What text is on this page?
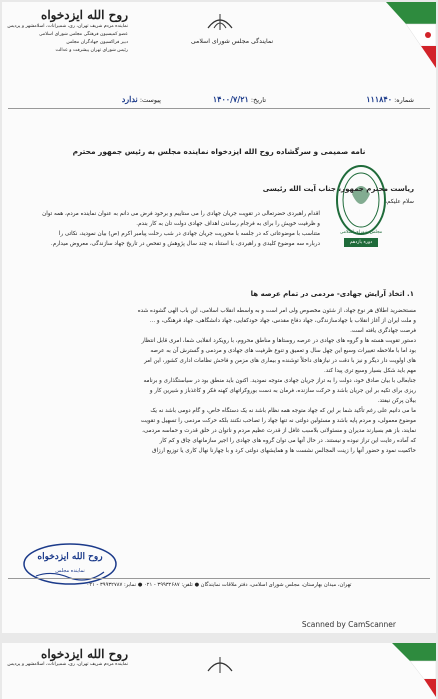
روح الله ایزدخواه
نماینده مردم شریف تهران، ری، شمیرانات، اسلامشهر و پردیس
عضو کمیسیون فرهنگی مجلس شورای اسلامی
دبیر فراکسیون جهادگران مجلس
رئیس شورای تهران پیشرفت و عدالت
نمایندگی مجلس شورای اسلامی
شماره: ۱۱۱۸۴۰
تاریخ: ۱۴۰۰/۷/۲۱
پیوست: ندارد
نامه صمیمی و سرگشاده روح الله ایزدخواه نماینده مجلس به رئیس جمهور محترم
مجلس شورای اسلامی
دوره یازدهم
ریاست محترم جمهور، جناب آیت الله رئیسی
سلام علیکم،
اقدام راهبردی حضرتعالی در تقویت جریان جهادی را می ستاییم و برخود فرض می دانم به عنوان نماینده مردم، همه توان
و ظرفیت خویش را برای به فرجام رساندن اهداف جهادی دولت تان به کار بندم.
متناسب با موضوعاتی که در جلسه با محوریت جریان جهادی در شب رحلت پیامبر اکرم (ص) بیان نمودید، نکاتی را
درباره سه موضوع کلیدی و راهبردی، با استناد به چند سال پژوهش و تفحص در تاریخ جهاد سازندگی، معروض میدارم.
۱. اتخاذ آرایش جهادی- مردمی در تمام عرصه ها
مستحضرید اطلاق هر نوع جهاد، از شئون مخصوص ولی امر است و به واسطه انقلاب اسلامی، این باب الهی گشوده شده
و ملت ایران از آغاز انقلاب با جهادسازندگی، جهاد دفاع مقدس، جهاد خودکفایی، جهاد دانشگاهی، جهاد فرهنگی، و ...
فرصت جهادگری یافته است.
دستور تقویت هسته ها و گروه های جهادی در عرصه روستاها و مناطق محروم، با رویکرد انقلابی شما، امری قابل انتظار
بود اما با ملاحظه تغییرات وسیع این چهل سال و تعمیق و تنوع ظرفیت های جهادی و مردمی و گسترش آن به عرصه
های اولویت دار دیگر و نیز با دقت در نیازهای داخلاً توشنده و بیماری های مزمن و فاحش نظامات اداری کشور، این امر
مهم باید شکل بسیار وسیع تری پیدا کند.
جنابعالی با بیان صادق خود، دولت را به تراز جریان جهادی متوجه نمودید. اکنون باید منطق بود در سیاستگذاری و برنامه
ریزی برای تکیه بر این جریان باشد و حرکت سازنده، فرمان به دست بوروکراتهای کهنه فکر و کاغذباز و شیرین کار و
بیلان پرکن نیفتد.
ما می دانیم علی رغم تأکید شما بر این که جهاد متوجه همه نظام باشد نه یک دستگاه خاص، و گام دومی باشد نه یک
موضوع معمولی، و مردم پایه باشد و مسئولین دولتی نه تنها جهاد را تصاحب نکنند بلکه حرکت مردمی را تسهیل و تقویت
نمایند، باز هم بسیارند مدیران و مسئولانی بلاسبب غافل از قدرت عظیم مردم و ناتوان در خلق قدرت و حماسه مردمی،
که آماده رعایت این تراز نبوده و نیستند. در حال آنها می توان گروه های جهادی را اجیر سازمانهای چاق و کم کار
حاکمیت نمود و حضور آنها را زینت المجالس نشست ها و همایشهای دولتی کرد و با چهارنا نهال کاری یا توزیع ارزاق
روح الله ایزدخواه
نماینده مجلس
تهران، میدان بهارستان، مجلس شورای اسلامی، دفتر ملاقات نمایندگان ● تلفن: ۳۹۹۳۲۶۸۷ - ۰۲۱ ● نمابر: ۳۹۹۳۲۷۸۷ - ۰۲۱
Scanned by CamScanner
روح الله ایزدخواه
نماینده مردم شریف تهران، ری، شمیرانات، اسلامشهر و پردیس
